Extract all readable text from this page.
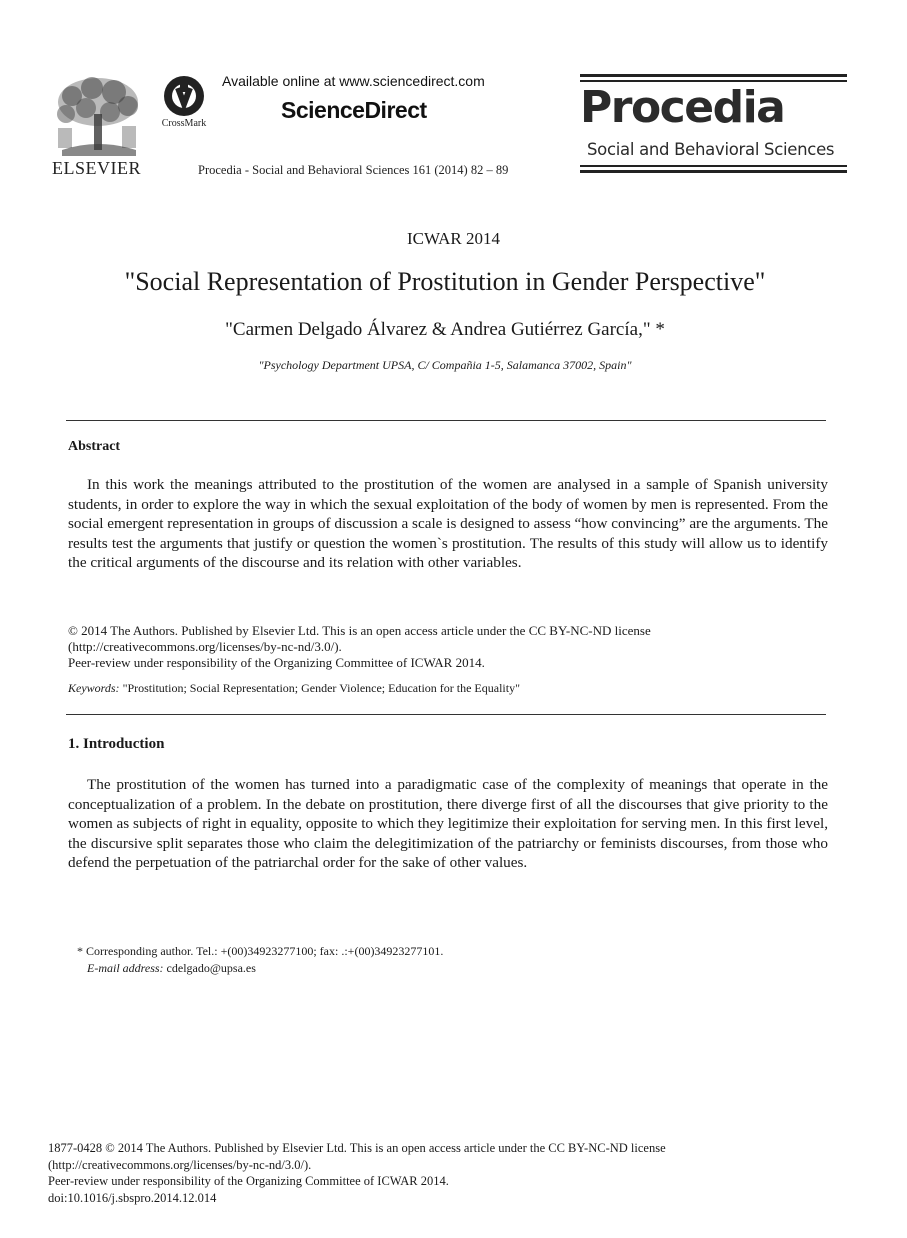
ELSEVIER
CrossMark
Available online at www.sciencedirect.com
ScienceDirect
Procedia - Social and Behavioral Sciences 161 (2014) 82 – 89
Procedia
Social and Behavioral Sciences
ICWAR 2014
"Social Representation of Prostitution in Gender Perspective"
"Carmen Delgado Álvarez & Andrea Gutiérrez García," *
"Psychology Department UPSA, C/ Compañia 1-5, Salamanca 37002, Spain"
Abstract
In this work the meanings attributed to the prostitution of the women are analysed in a sample of Spanish university students, in order to explore the way in which the sexual exploitation of the body of women by men is represented. From the social emergent representation in groups of discussion a scale is designed to assess “how convincing” are the arguments. The results test the arguments that justify or question the women`s prostitution. The results of this study will allow us to identify the critical arguments of the discourse and its relation with other variables.
© 2014 The Authors. Published by Elsevier Ltd. This is an open access article under the CC BY-NC-ND license
(http://creativecommons.org/licenses/by-nc-nd/3.0/).
Peer-review under responsibility of the Organizing Committee of ICWAR 2014.
Keywords: "Prostitution; Social Representation; Gender Violence; Education for the Equality"
1. Introduction
The prostitution of the women has turned into a paradigmatic case of the complexity of meanings that operate in the conceptualization of a problem. In the debate on prostitution, there diverge first of all the discourses that give priority to the women as subjects of right in equality, opposite to which they legitimize their exploitation for serving men. In this first level, the discursive split separates those who claim the delegitimization of the patriarchy or feminists discourses, from those who defend the perpetuation of the patriarchal order for the sake of other values.
* Corresponding author. Tel.: +(00)34923277100; fax: .:+(00)34923277101.
E-mail address: cdelgado@upsa.es
1877-0428 © 2014 The Authors. Published by Elsevier Ltd. This is an open access article under the CC BY-NC-ND license
(http://creativecommons.org/licenses/by-nc-nd/3.0/).
Peer-review under responsibility of the Organizing Committee of ICWAR 2014.
doi:10.1016/j.sbspro.2014.12.014
